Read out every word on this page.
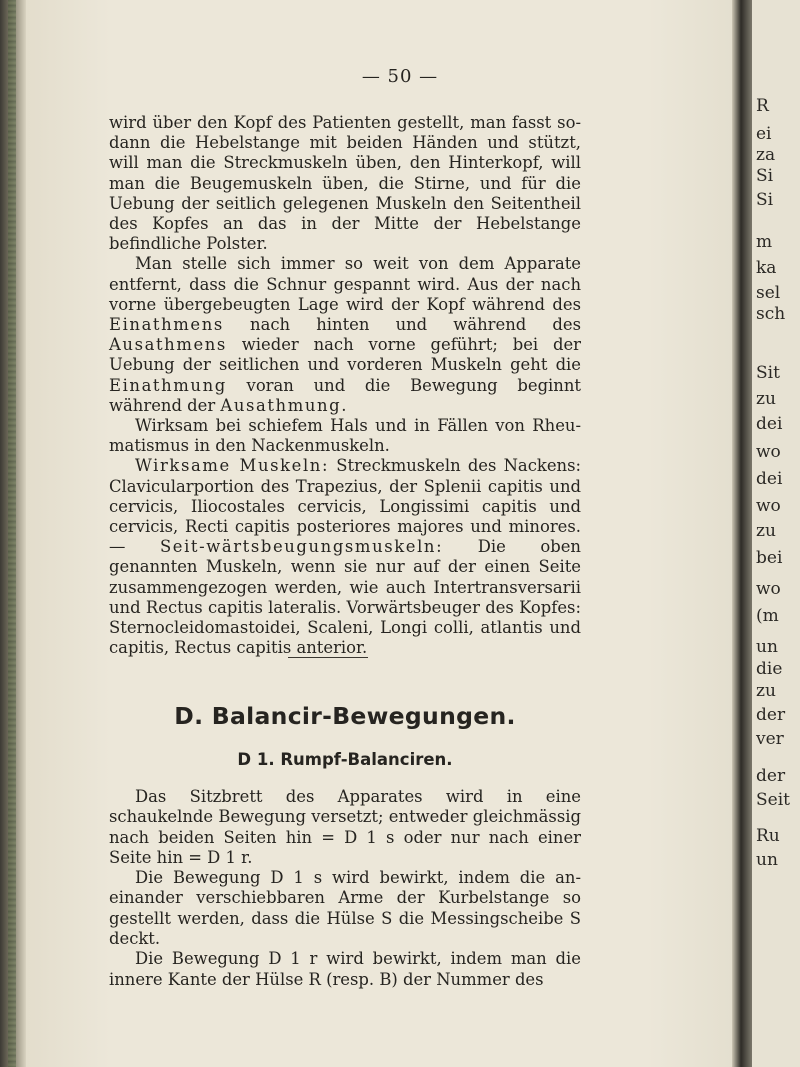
R
ei
za
Si
Si
m
ka
sel
sch
Sit
zu
dei
wo
dei
wo
zu
bei
wo
(m
un
die
zu
der
ver
der
Seit
Ru
un
— 50 —

wird über den Kopf des Patienten gestellt, man fasst so-dann die Hebelstange mit beiden Händen und stützt, will man die Streckmuskeln üben, den Hinterkopf, will man die Beugemuskeln üben, die Stirne, und für die Uebung der seitlich gelegenen Muskeln den Seitentheil des Kopfes an das in der Mitte der Hebelstange befindliche Polster.

Man stelle sich immer so weit von dem Apparate entfernt, dass die Schnur gespannt wird. Aus der nach vorne übergebeugten Lage wird der Kopf während des Einathmens nach hinten und während des Ausathmens wieder nach vorne geführt; bei der Uebung der seitlichen und vorderen Muskeln geht die Einathmung voran und die Bewegung beginnt während der Ausathmung.

Wirksam bei schiefem Hals und in Fällen von Rheu-matismus in den Nackenmuskeln.

Wirksame Muskeln: Streckmuskeln des Nackens: Clavicularportion des Trapezius, der Splenii capitis und cervicis, Iliocostales cervicis, Longissimi capitis und cervicis, Recti capitis posteriores majores und minores. — Seit-wärtsbeugungsmuskeln: Die oben genannten Muskeln, wenn sie nur auf der einen Seite zusammengezogen werden, wie auch Intertransversarii und Rectus capitis lateralis. Vorwärtsbeuger des Kopfes: Sternocleidomastoidei, Scaleni, Longi colli, atlantis und capitis, Rectus capitis anterior.

D. Balancir-Bewegungen.
D 1. Rumpf-Balanciren.

Das Sitzbrett des Apparates wird in eine schaukelnde Bewegung versetzt; entweder gleichmässig nach beiden Seiten hin = D 1 s oder nur nach einer Seite hin = D 1 r.

Die Bewegung D 1 s wird bewirkt, indem die an-einander verschiebbaren Arme der Kurbelstange so gestellt werden, dass die Hülse S die Messingscheibe S deckt.

Die Bewegung D 1 r wird bewirkt, indem man die innere Kante der Hülse R (resp. B) der Nummer des
